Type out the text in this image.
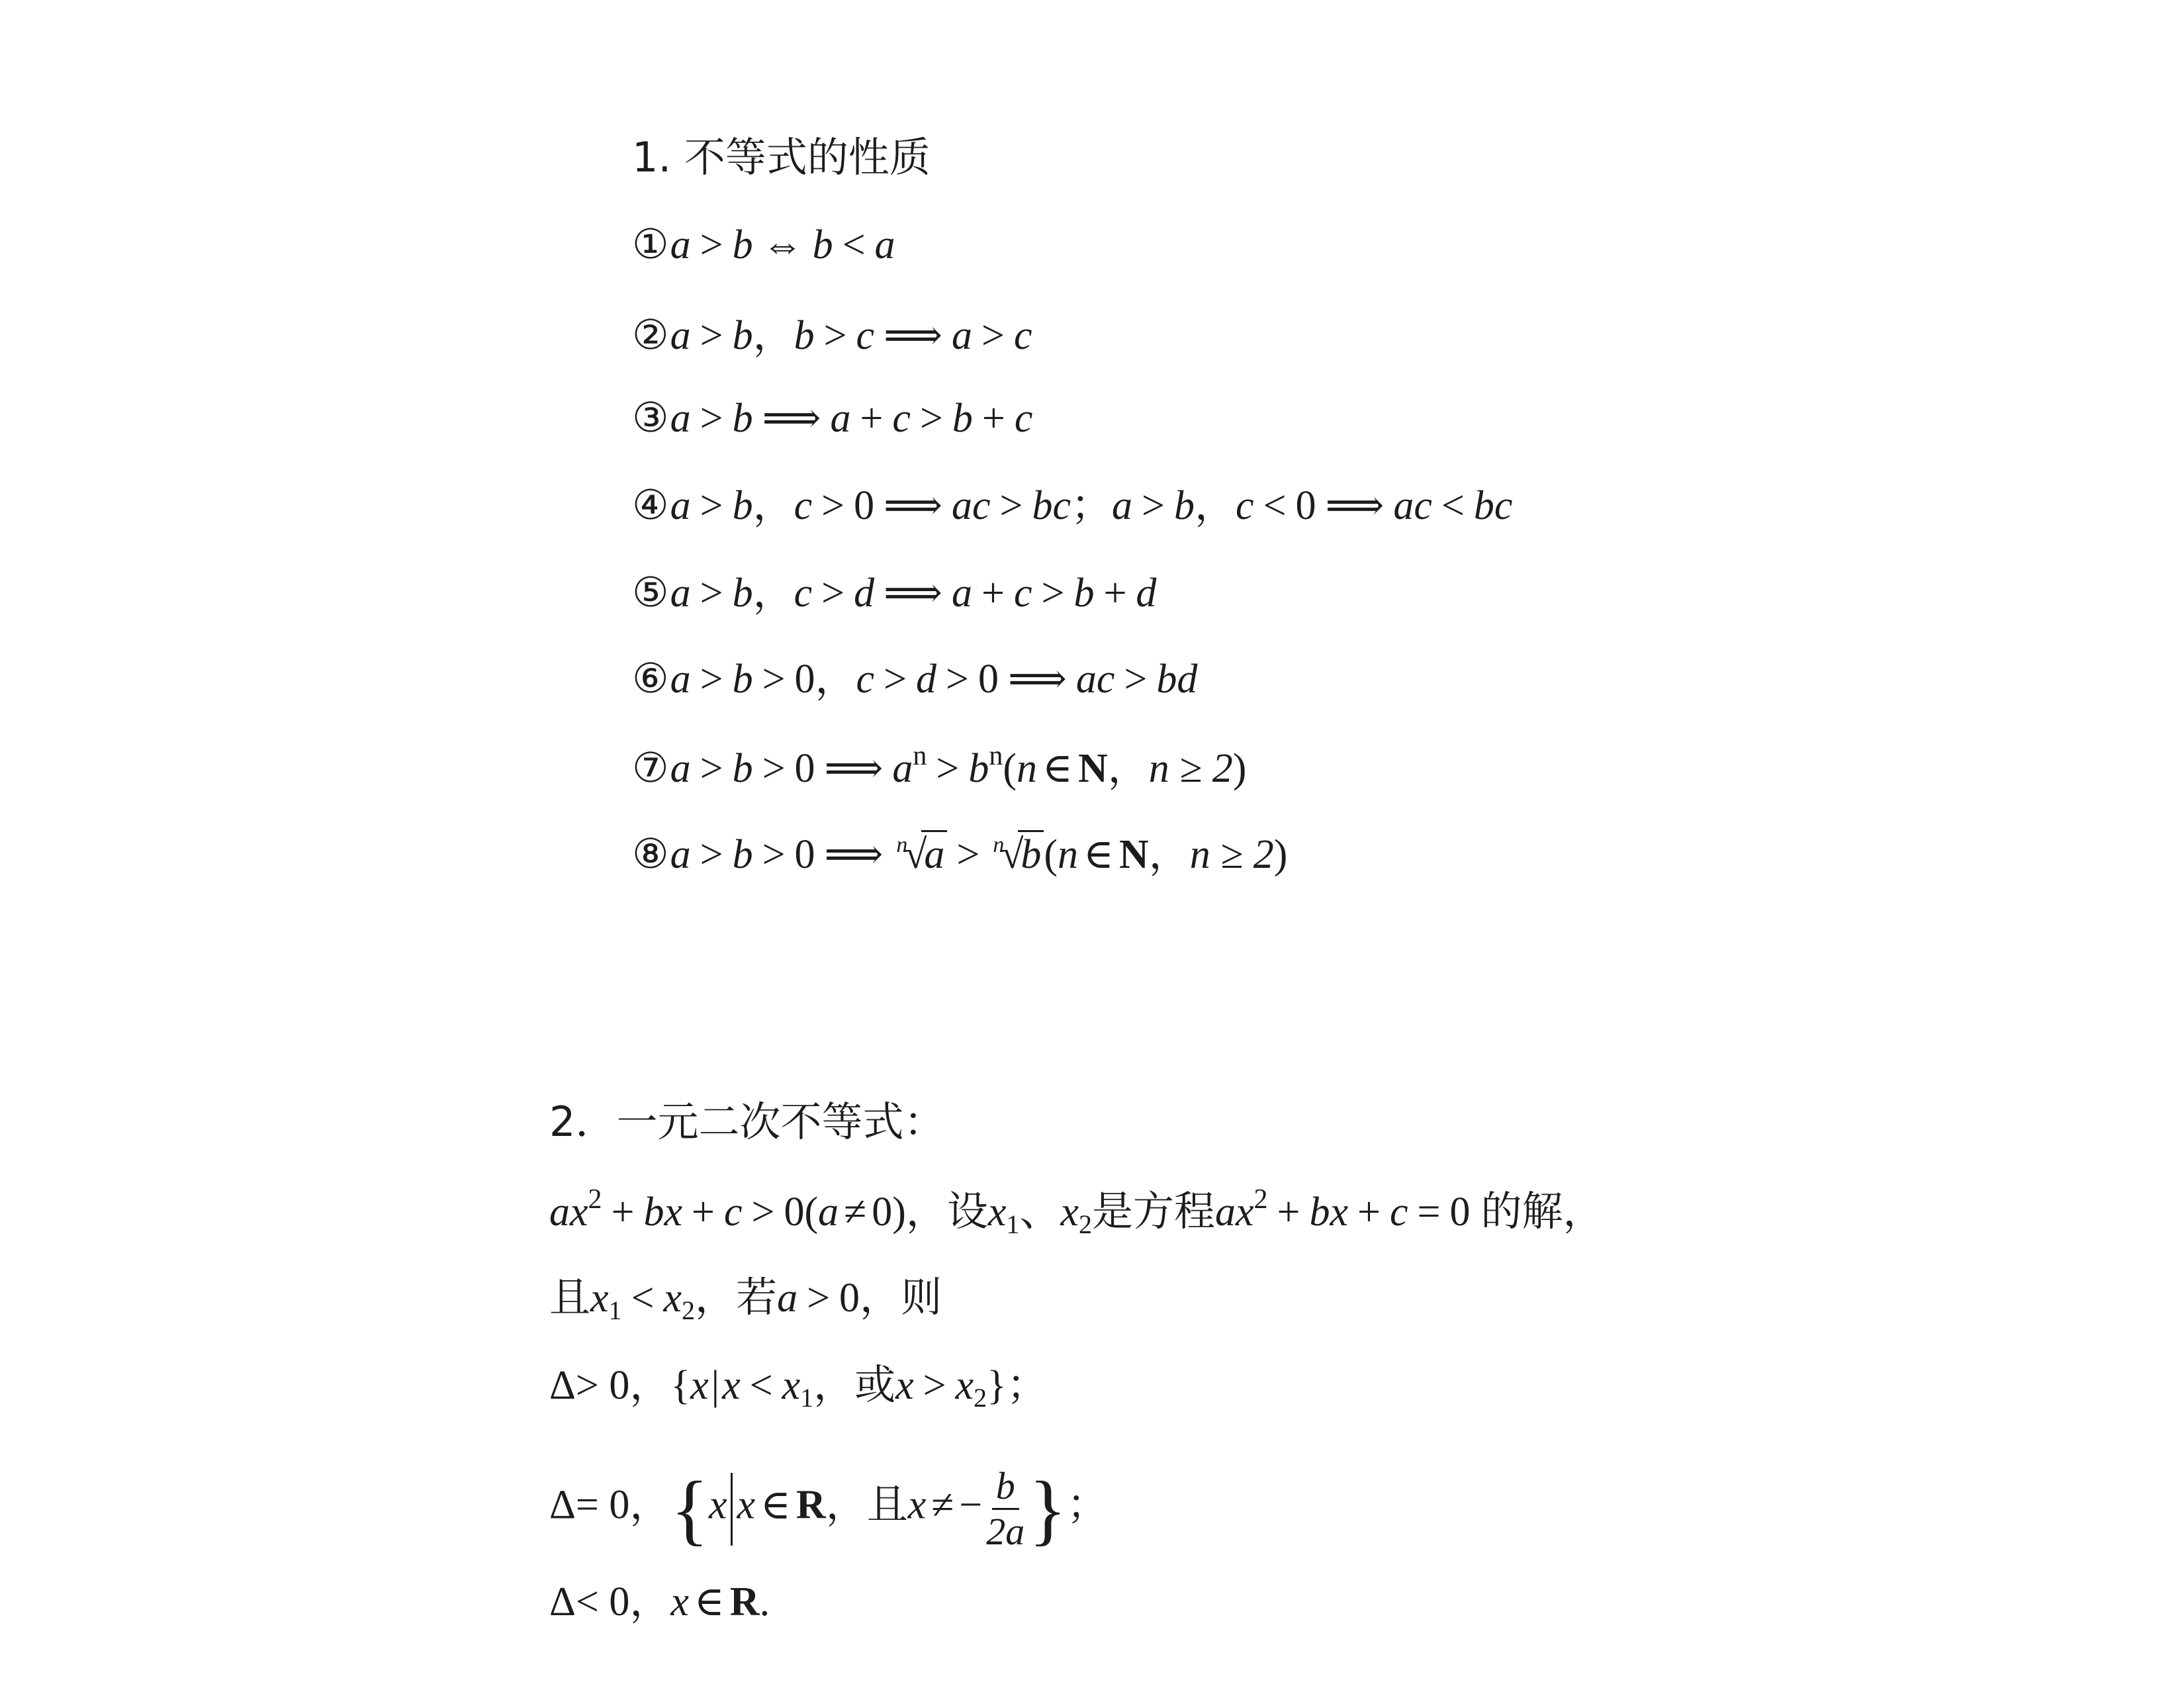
1. 不等式的性质
①a > b ⇔ b < a
②a > b，b > c ⟹ a > c
③a > b ⟹ a + c > b + c
④a > b，c > 0 ⟹ ac > bc；a > b，c < 0 ⟹ ac < bc
⑤a > b，c > d ⟹ a + c > b + d
⑥a > b > 0，c > d > 0 ⟹ ac > bd
⑦a > b > 0 ⟹ $a^n > b^n(n$ ∈ N，n ≥ 2)
⑧a > b > 0 ⟹ n
√
a > n
√
b(n ∈ N，n ≥ 2)
2．一元二次不等式：
$ax^2$ + bx + c > 0(a ≠ 0)，设$x_1$、$x_2$是方程$ax^2$ + bx + c = 0 的解，
且$x_1 < x_2$，若a > 0，则
Δ> 0，{$x|x < x_1$，或$x > x_2$}；
Δ= 0，{x x ∈ R，且x ≠ − $\frac{b}{2a}$ }；
Δ< 0，x ∈ R.
